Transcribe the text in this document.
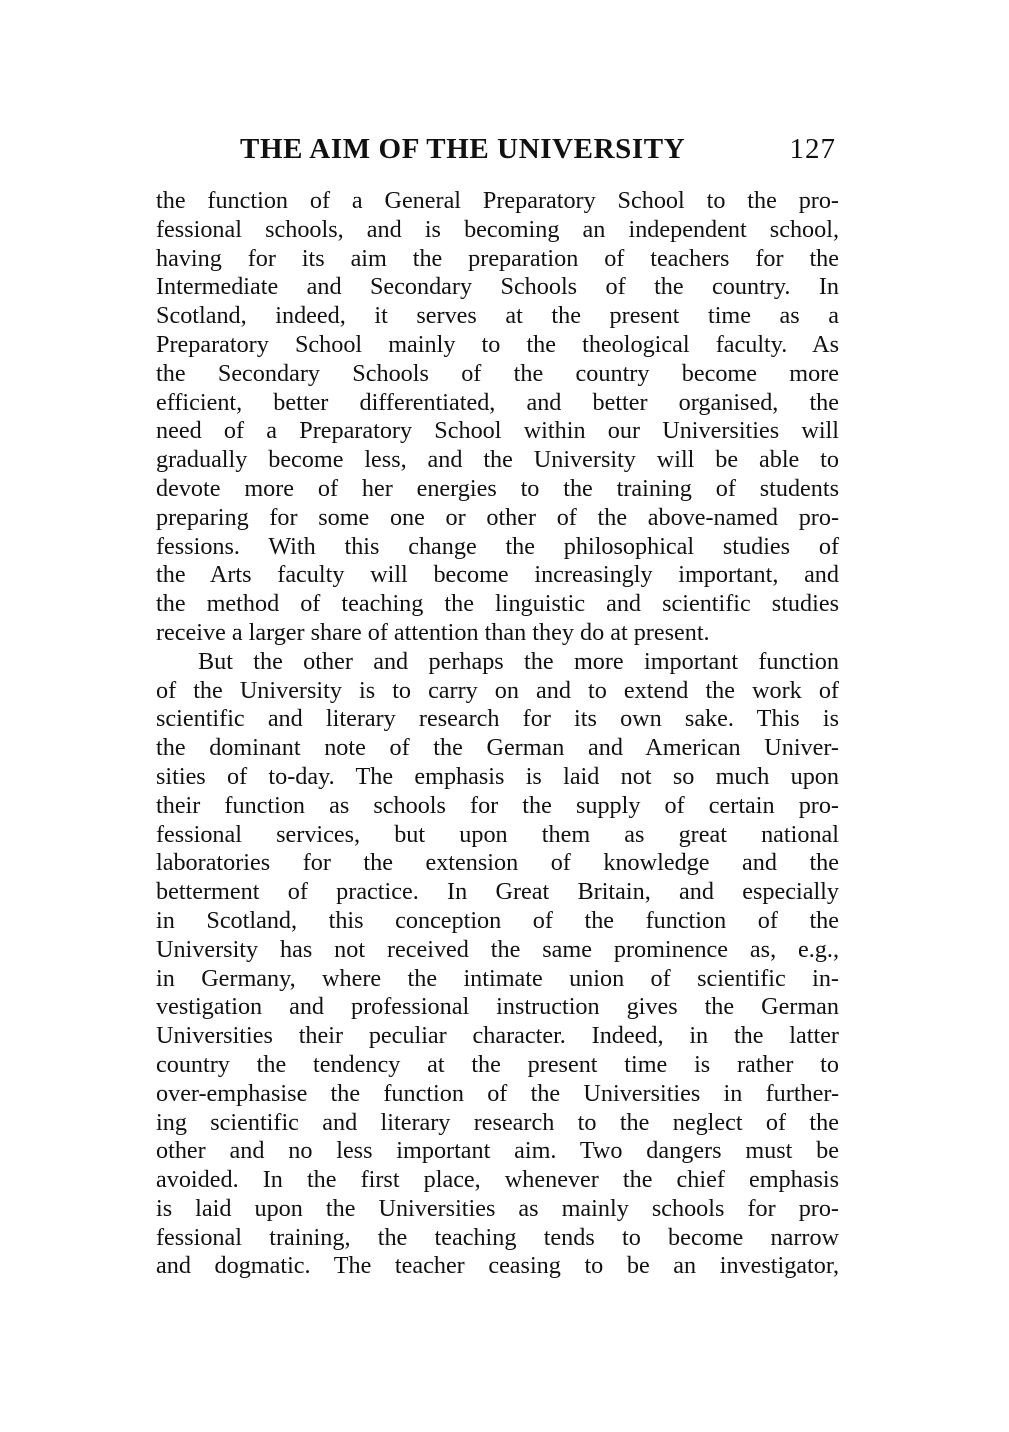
THE AIM OF THE UNIVERSITY	127
the function of a General Preparatory School to the pro-
fessional schools, and is becoming an independent school,
having for its aim the preparation of teachers for the
Intermediate and Secondary Schools of the country. In
Scotland, indeed, it serves at the present time as a
Preparatory School mainly to the theological faculty. As
the Secondary Schools of the country become more
efficient, better differentiated, and better organised, the
need of a Preparatory School within our Universities will
gradually become less, and the University will be able to
devote more of her energies to the training of students
preparing for some one or other of the above-named pro-
fessions. With this change the philosophical studies of
the Arts faculty will become increasingly important, and
the method of teaching the linguistic and scientific studies
receive a larger share of attention than they do at present.
But the other and perhaps the more important function
of the University is to carry on and to extend the work of
scientific and literary research for its own sake. This is
the dominant note of the German and American Univer-
sities of to-day. The emphasis is laid not so much upon
their function as schools for the supply of certain pro-
fessional services, but upon them as great national
laboratories for the extension of knowledge and the
betterment of practice. In Great Britain, and especially
in Scotland, this conception of the function of the
University has not received the same prominence as, e.g.,
in Germany, where the intimate union of scientific in-
vestigation and professional instruction gives the German
Universities their peculiar character. Indeed, in the latter
country the tendency at the present time is rather to
over-emphasise the function of the Universities in further-
ing scientific and literary research to the neglect of the
other and no less important aim. Two dangers must be
avoided. In the first place, whenever the chief emphasis
is laid upon the Universities as mainly schools for pro-
fessional training, the teaching tends to become narrow
and dogmatic. The teacher ceasing to be an investigator,
